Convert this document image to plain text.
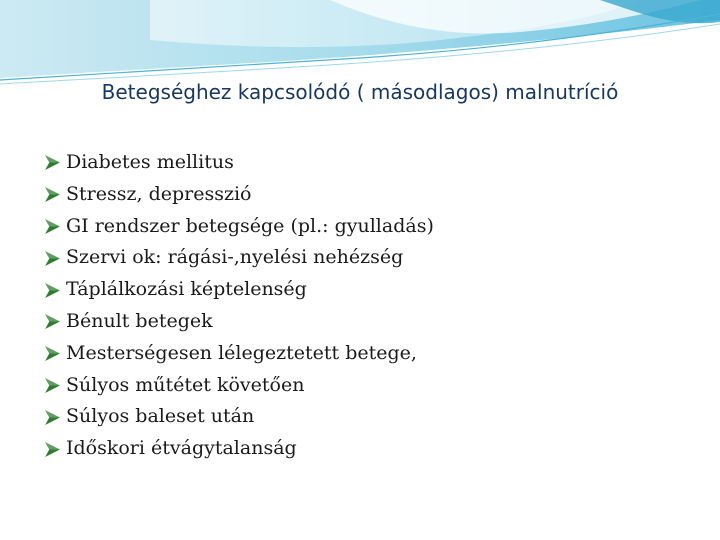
Betegséghez kapcsolódó ( másodlagos) malnutríció
Diabetes mellitus
Stressz, depresszió
GI rendszer betegsége (pl.: gyulladás)
Szervi ok: rágási-,nyelési nehézség
Táplálkozási képtelenség
Bénult betegek
Mesterségesen lélegeztetett betege,
Súlyos műtétet követően
Súlyos baleset után
Időskori étvágytalanság
